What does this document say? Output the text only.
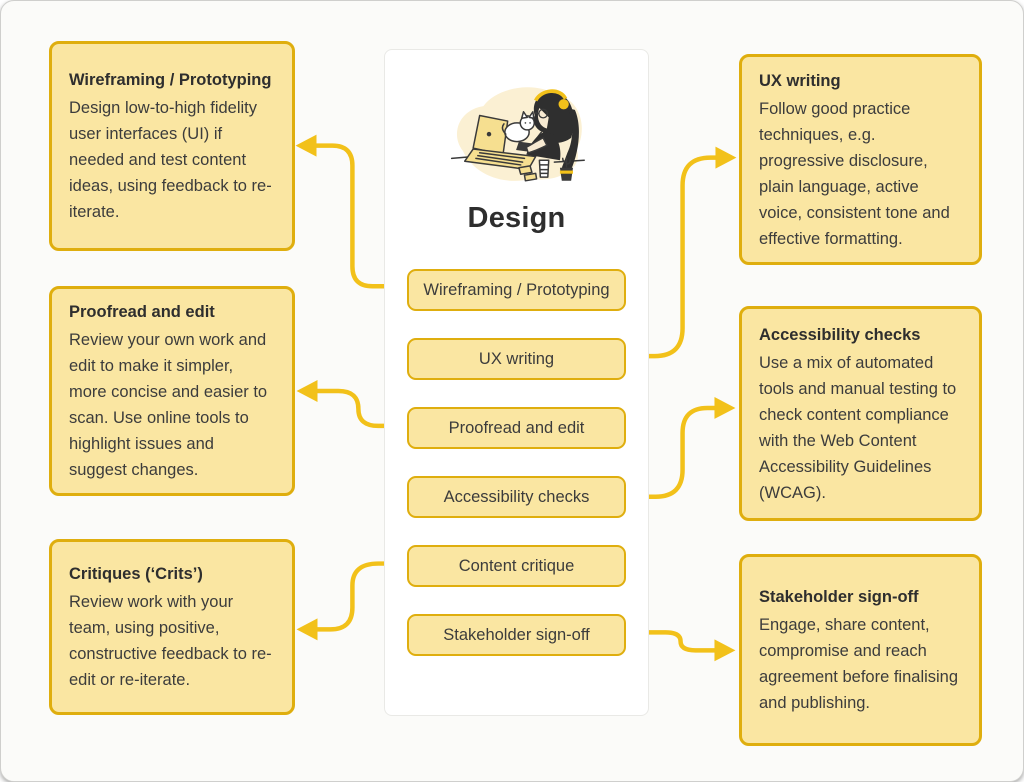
Wireframing / Prototyping

Design low-to-high fidelity user interfaces (UI) if needed and test content ideas, using feedback to re-iterate.

Proofread and edit

Review your own work and edit to make it simpler, more concise and easier to scan. Use online tools to highlight issues and suggest changes.

Critiques (‘Crits’)

Review work with your team, using positive, constructive feedback to re-edit or re-iterate.

UX writing

Follow good practice techniques, e.g. progressive disclosure, plain language, active voice, consistent tone and effective formatting.

Accessibility checks

Use a mix of automated tools and manual testing to check content compliance with the Web Content Accessibility Guidelines (WCAG).

Stakeholder sign-off

Engage, share content, compromise and reach agreement before finalising and publishing.

Design
Wireframing / Prototyping
UX writing
Proofread and edit
Accessibility checks
Content critique
Stakeholder sign-off
